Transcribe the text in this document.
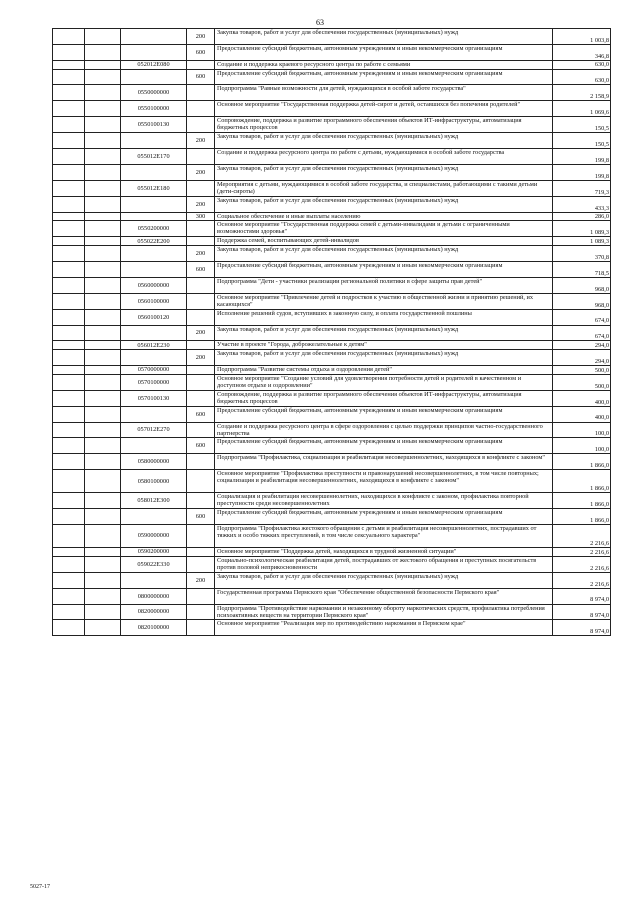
63
			200	Закупка товаров, работ и услуг для обеспечения государственных (муниципальных) нужд	1 003,8
			600	Предоставление субсидий бюджетным, автономным учреждениям и иным некоммерческим организациям	346,8
		052012E080		Создание и поддержка краевого ресурсного центра по работе с семьями	630,0
			600	Предоставление субсидий бюджетным, автономным учреждениям и иным некоммерческим организациям	630,0
		0550000000		Подпрограмма "Равные возможности для детей, нуждающихся в особой заботе государства"	2 158,9
		0550100000		Основное мероприятие "Государственная поддержка детей-сирот и детей, оставшихся без попечения родителей"	1 069,6
		0550100130		Сопровождение, поддержка и развитие программного обеспечения объектов ИТ-инфраструктуры, автоматизация бюджетных процессов	150,5
			200	Закупка товаров, работ и услуг для обеспечения государственных (муниципальных) нужд	150,5
		055012E170		Создание и поддержка ресурсного центра по работе с детьми, нуждающимися в особой заботе государства	199,8
			200	Закупка товаров, работ и услуг для обеспечения государственных (муниципальных) нужд	199,8
		055012E180		Мероприятия с детьми, нуждающимися в особой заботе государства, и специалистами, работающими с такими детьми (дети-сироты)	719,3
			200	Закупка товаров, работ и услуг для обеспечения государственных (муниципальных) нужд	433,3
			300	Социальное обеспечение и иные выплаты населению	286,0
		0550200000		Основное мероприятие "Государственная поддержка семей с детьми-инвалидами и детьми с ограниченными возможностями здоровья"	1 089,3
		055022E200		Поддержка семей, воспитывающих детей-инвалидов	1 089,3
			200	Закупка товаров, работ и услуг для обеспечения государственных (муниципальных) нужд	370,8
			600	Предоставление субсидий бюджетным, автономным учреждениям и иным некоммерческим организациям	718,5
		0560000000		Подпрограмма "Дети - участники реализации региональной политики в сфере защиты прав детей"	968,0
		0560100000		Основное мероприятие "Привлечение детей и подростков к участию в общественной жизни и принятию решений, их касающихся"	968,0
		0560100120		Исполнение решений судов, вступивших в законную силу, и оплата государственной пошлины	674,0
			200	Закупка товаров, работ и услуг для обеспечения государственных (муниципальных) нужд	674,0
		056012E230		Участие в проекте "Города, доброжелательные к детям"	294,0
			200	Закупка товаров, работ и услуг для обеспечения государственных (муниципальных) нужд	294,0
		0570000000		Подпрограмма "Развитие системы отдыха и оздоровления детей"	500,0
		0570100000		Основное мероприятие "Создание условий для удовлетворения потребности детей и родителей в качественном и доступном отдыхе и оздоровлении"	500,0
		0570100130		Сопровождение, поддержка и развитие программного обеспечения объектов ИТ-инфраструктуры, автоматизация бюджетных процессов	400,0
			600	Предоставление субсидий бюджетным, автономным учреждениям и иным некоммерческим организациям	400,0
		057012E270		Создание и поддержка ресурсного центра в сфере оздоровления с целью поддержки принципов частно-государственного партнерства	100,0
			600	Предоставление субсидий бюджетным, автономным учреждениям и иным некоммерческим организациям	100,0
		0580000000		Подпрограмма "Профилактика, социализация и реабилитация несовершеннолетних, находящихся в конфликте с законом"	1 866,0
		0580100000		Основное мероприятие "Профилактика преступности и правонарушений несовершеннолетних, в том числе повторных; социализация и реабилитация несовершеннолетних, находящихся в конфликте с законом"	1 866,0
		058012E300		Социализация и реабилитация несовершеннолетних, находящихся в конфликте с законом, профилактика повторной преступности среди несовершеннолетних	1 866,0
			600	Предоставление субсидий бюджетным, автономным учреждениям и иным некоммерческим организациям	1 866,0
		0590000000		Подпрограмма "Профилактика жестокого обращения с детьми и реабилитация несовершеннолетних, пострадавших от тяжких и особо тяжких преступлений, в том числе сексуального характера"	2 216,6
		0590200000		Основное мероприятие "Поддержка детей, находящихся в трудной жизненной ситуации"	2 216,6
		059022E330		Социально-психологическая реабилитация детей, пострадавших от жестокого обращения и преступных посягательств против половой неприкосновенности	2 216,6
			200	Закупка товаров, работ и услуг для обеспечения государственных (муниципальных) нужд	2 216,6
		0800000000		Государственная программа Пермского края "Обеспечение общественной безопасности Пермского края"	8 974,0
		0820000000		Подпрограмма "Противодействие наркомании и незаконному обороту наркотических средств, профилактика потребления психоактивных веществ на территории Пермского края"	8 974,0
		0820100000		Основное мероприятие "Реализация мер по противодействию наркомании в Пермском крае"	8 974,0
5027-17
